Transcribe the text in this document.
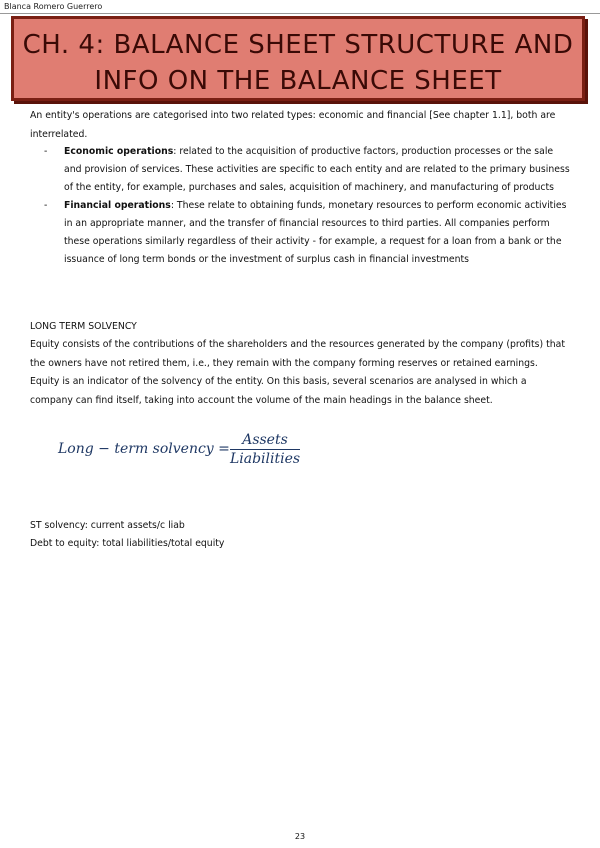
Blanca Romero Guerrero
CH. 4: BALANCE SHEET STRUCTURE AND
INFO ON THE BALANCE SHEET
An entity's operations are categorised into two related types: economic and financial [See chapter 1.1], both are interrelated.
- Economic operations: related to the acquisition of productive factors, production processes or the sale and provision of services. These activities are specific to each entity and are related to the primary business of the entity, for example, purchases and sales, acquisition of machinery, and manufacturing of products
- Financial operations: These relate to obtaining funds, monetary resources to perform economic activities in an appropriate manner, and the transfer of financial resources to third parties. All companies perform these operations similarly regardless of their activity - for example, a request for a loan from a bank or the issuance of long term bonds or the investment of surplus cash in financial investments
LONG TERM SOLVENCY
Equity consists of the contributions of the shareholders and the resources generated by the company (profits) that the owners have not retired them, i.e., they remain with the company forming reserves or retained earnings. Equity is an indicator of the solvency of the entity. On this basis, several scenarios are analysed in which a company can find itself, taking into account the volume of the main headings in the balance sheet.
Long − term solvency =
Assets
Liabilities
ST solvency: current assets/c liab
Debt to equity: total liabilities/total equity
23
